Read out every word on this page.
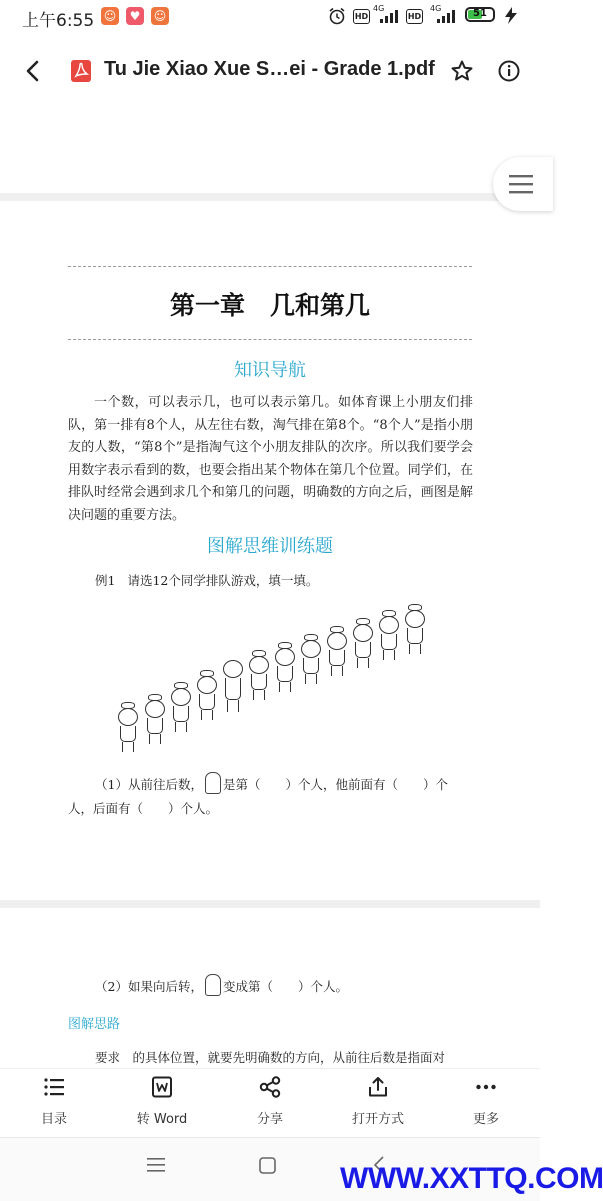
上午6:55 ☺	♥	☺	HD
4G
HD
4G	51
Tu Jie Xiao Xue S…ei - Grade 1.pdf
第一章　几和第几
知识导航
一个数，可以表示几，也可以表示第几。如体育课上小朋友们排队，第一排有8个人，从左往右数，淘气排在第8个。“8个人”是指小朋友的人数，“第8个”是指淘气这个小朋友排队的次序。所以我们要学会用数字表示看到的数，也要会指出某个物体在第几个位置。同学们，在排队时经常会遇到求几个和第几的问题，明确数的方向之后，画图是解决问题的重要方法。
图解思维训练题
例1 请选12个同学排队游戏，填一填。
（1）从前往后数， 是第（　　）个人，他前面有（　　）个
人，后面有（　　）个人。
（2）如果向后转， 变成第（　　）个人。
图解思路
要求　的具体位置，就要先明确数的方向，从前往后数是指面对
目录	转 Word	分享	打开方式	更多
WWW.XXTTQ.COM
